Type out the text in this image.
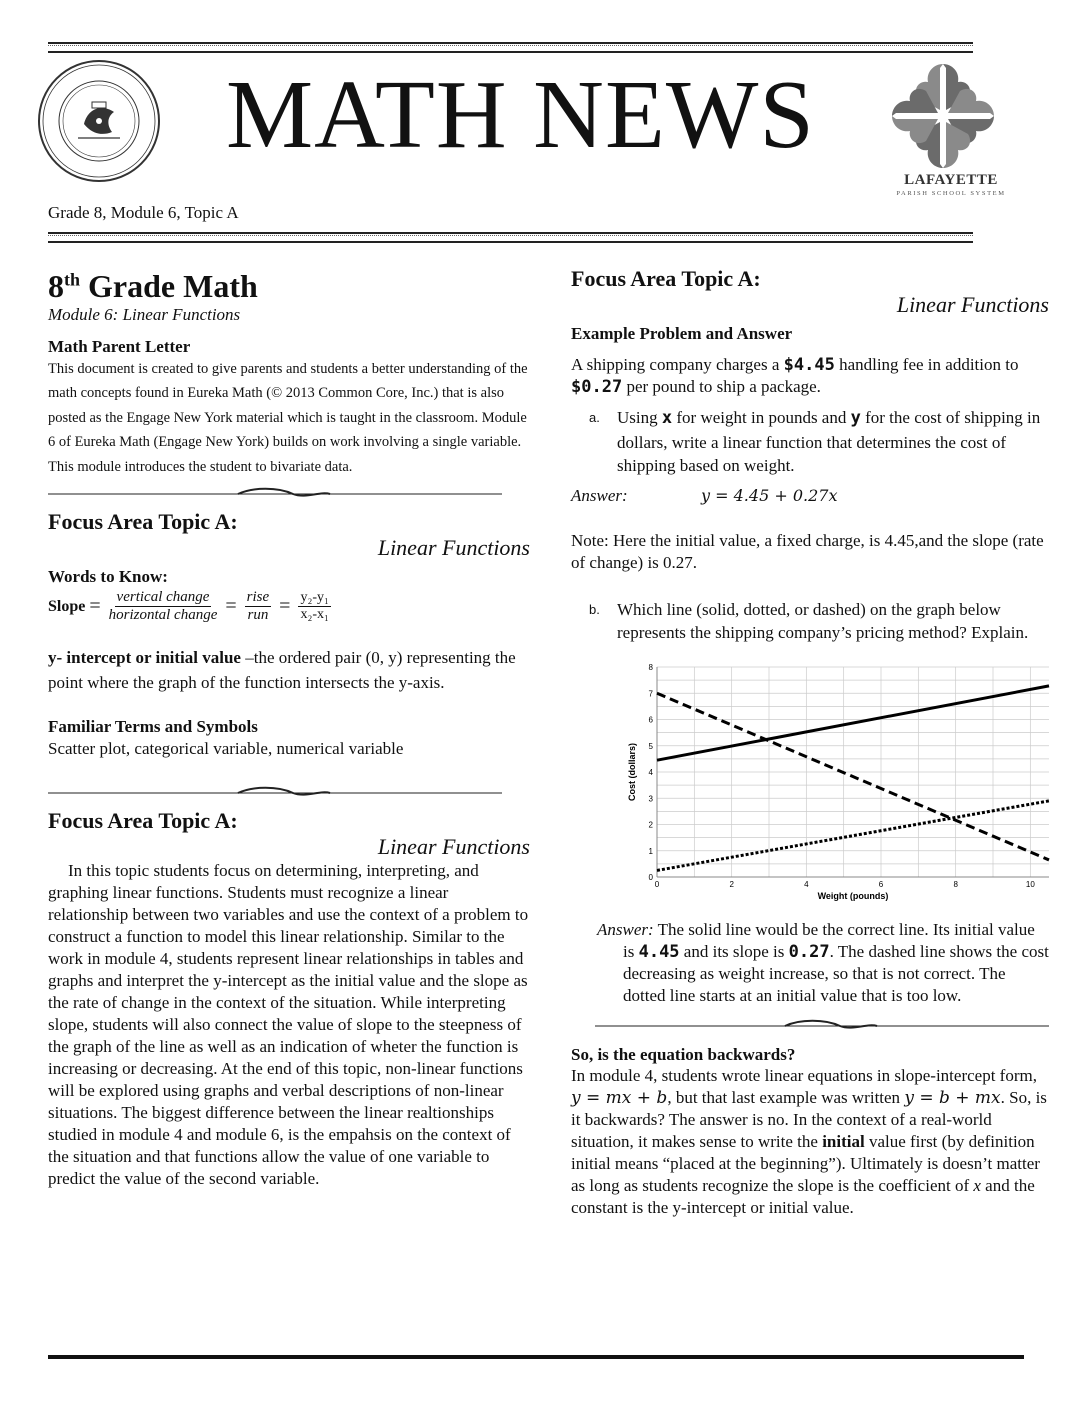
MATH NEWS
LAFAYETTE
PARISH SCHOOL SYSTEM
Grade 8, Module 6, Topic A
8th Grade Math

Module 6: Linear Functions

Math Parent Letter

This document is created to give parents and students a better understanding of the math concepts found in Eureka Math (© 2013 Common Core, Inc.) that is also posted as the Engage New York material which is taught in the classroom. Module 6 of Eureka Math (Engage New York) builds on work involving a single variable. This module introduces the student to bivariate data.

Focus Area Topic A:

Linear Functions

Words to Know:

Slope = $\frac{\text{vertical change}}{\text{horizontal change}} = \frac{\text{rise}}{\text{run}} = \frac{\text{y₂-y₁}}{\text{x₂-x₁}}$

y- intercept or initial value –the ordered pair (0, y) representing the point where the graph of the function intersects the y-axis.

Familiar Terms and Symbols

Scatter plot, categorical variable, numerical variable

Focus Area Topic A:

Linear Functions

In this topic students focus on determining, interpreting, and graphing linear functions. Students must recognize a linear relationship between two variables and use the context of a problem to construct a function to model this linear relationship. Similar to the work in module 4, students represent linear relationships in tables and graphs and interpret the y-intercept as the initial value and the slope as the rate of change in the context of the situation. While interpreting slope, students will also connect the value of slope to the steepness of the graph of the line as well as an indication of wheter the function is increasing or decreasing. At the end of this topic, non-linear functions will be explored using graphs and verbal descriptions of non-linear situations. The biggest difference between the linear realtionships studied in module 4 and module 6, is the empahsis on the context of the situation and that functions allow the value of one variable to predict the value of the second variable.

Focus Area Topic A:

Linear Functions

Example Problem and Answer

A shipping company charges a $4.45 handling fee in addition to $0.27 per pound to ship a package.

a.	Using x for weight in pounds and y for the cost of shipping in dollars, write a linear function that determines the cost of shipping based on weight.
Answer:	y = 4.45 + 0.27x

Note: Here the initial value, a fixed charge, is 4.45,and the slope (rate of change) is 0.27.

b.	Which line (solid, dotted, or dashed) on the graph below represents the shipping company’s pricing method? Explain.
0	2	4	6	8	10
0
1
2
3
4
5
6
7
8
Weight (pounds)
Cost (dollars)

Answer: The solid line would be the correct line. Its initial value is 4.45 and its slope is 0.27. The dashed line shows the cost decreasing as weight increase, so that is not correct. The dotted line starts at an initial value that is too low.

So, is the equation backwards?

In module 4, students wrote linear equations in slope-intercept form, y = mx + b, but that last example was written y = b + mx. So, is it backwards? The answer is no. In the context of a real-world situation, it makes sense to write the initial value first (by definition initial means “placed at the beginning”). Ultimately is doesn’t matter as long as students recognize the slope is the coefficient of x and the constant is the y-intercept or initial value.
